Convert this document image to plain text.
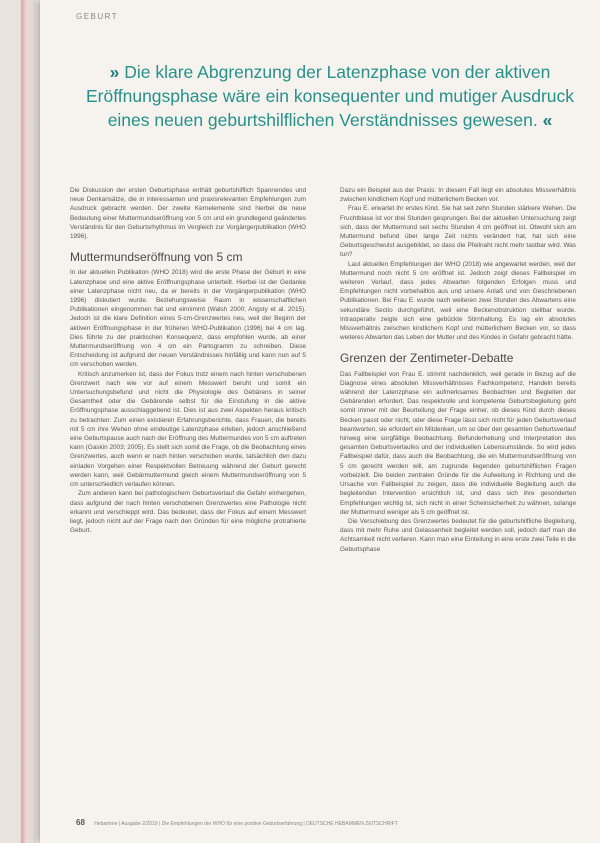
GEBURT
» Die klare Abgrenzung der Latenzphase von der aktiven Eröffnungsphase wäre ein konsequenter und mutiger Ausdruck eines neuen geburtshilflichen Verständnisses gewesen. «

Die Diskussion der ersten Geburtsphase enthält geburtshilflich Spannendes und neue Denkansätze, die in interessanten und praxisrelevanten Empfehlungen zum Ausdruck gebracht werden. Der zweite Kernelemente sind hierbei die neue Bedeutung einer Muttermundseröffnung von 5 cm und ein grundlegend geändertes Verständnis für den Geburtsrhythmus im Vergleich zur Vorgängerpublikation (WHO 1996).

Muttermundseröffnung von 5 cm

In der aktuellen Publikation (WHO 2018) wird die erste Phase der Geburt in eine Latenzphase und eine aktive Eröffnungsphase unterteilt. Hierbei ist der Gedanke einer Latenzphase nicht neu, da er bereits in der Vorgängerpublikation (WHO 1996) diskutiert wurde. Beziehungsweise Raum in wissenschaftlichen Publikationen eingenommen hat und einnimmt (Walsh 2000; Angsty et al. 2015). Jedoch ist die klare Definition eines 5-cm-Grenzwertes neu, weil der Beginn der aktiven Eröffnungsphase in der früheren WHO-Publikation (1996) bei 4 cm lag. Dies führte zu der praktischen Konsequenz, dass empfohlen wurde, ab einer Muttermundseröffnung von 4 cm ein Partogramm zu schreiben. Diese Entscheidung ist aufgrund der neuen Verständnisses hinfällig und kann nun auf 5 cm verschoben werden.

Kritisch anzumerken ist, dass der Fokus trotz einem nach hinten verschobenen Grenzwert nach wie vor auf einem Messwert beruht und somit ein Untersuchungsbefund und nicht die Physiologie des Gebärens in seiner Gesamtheit oder die Gebärende selbst für die Einstufung in die aktive Eröffnungsphase ausschlaggebend ist. Dies ist aus zwei Aspekten heraus kritisch zu betrachten: Zum einen existieren Erfahrungsberichte, dass Frauen, die bereits mit 5 cm ihre Wehen ohne eindeutige Latenzphase erleben, jedoch anschließend eine Geburtspause auch nach der Eröffnung des Muttermundes von 5 cm auftreten kann (Gaskin 2003; 2005). Es stellt sich somit die Frage, ob die Beobachtung eines Grenzwertes, auch wenn er nach hinten verschoben wurde, tatsächlich den dazu einladen Vorgehen einer Respektvollen Betreuung während der Geburt gerecht werden kann, weil Gebärmuttermund gleich einem Muttermundseröffnung von 5 cm unterschiedlich verlaufen können.

Zum anderen kann bei pathologischem Geburtsverlauf die Gefahr einhergehen, dass aufgrund der nach hinten verschobenen Grenzwertes eine Pathologie nicht erkannt und verschleppt wird. Das bedeutet, dass der Fokus auf einem Messwert liegt, jedoch nicht auf der Frage nach den Gründen für eine mögliche protrahierte Geburt.

Dazu ein Beispiel aus der Praxis: In diesem Fall liegt ein absolutes Missverhältnis zwischen kindlichem Kopf und mütterlichem Becken vor.

Frau E. erwartet ihr erstes Kind. Sie hat seit zehn Stunden stärkere Wehen. Die Fruchtblase ist vor drei Stunden gesprungen. Bei der aktuellen Untersuchung zeigt sich, dass der Muttermund seit sechs Stunden 4 cm geöffnet ist. Obwohl sich am Muttermund befund über lange Zeit nichts verändert hat, hat sich eine Geburtsgeschwulst ausgebildet, so dass die Pfeilnaht nicht mehr tastbar wird. Was tun?

Laut aktuellen Empfehlungen der WHO (2018) wie angewartet werden, weil der Muttermund noch nicht 5 cm eröffnet ist. Jedoch zeigt dieses Fallbeispiel im weiteren Verlauf, dass jedes Abwarten folgenden Erfolgen muss und Empfehlungen nicht vorbehaltlos aus und unsere Anlaß und von Geschriebenen Publikationen. Bei Frau E. wurde nach weiteren zwei Stunden des Abwartens eine sekundäre Sectio durchgeführt, weil eine Beckenobstruktion stellbar wurde. Intraoperativ zeigte sich eine gebückte Stirnhaltung. Es lag ein absolutes Missverhältnis zwischen kindlichem Kopf und mütterlichem Becken vor, so dass weiteres Abwarten das Leben der Mutter und des Kindes in Gefahr gebracht hätte.

Grenzen der Zentimeter-Debatte

Das Fallbeispiel von Frau E. stimmt nachdenklich, weil gerade in Bezug auf die Diagnose eines absoluten Missverhältnisses Fachkompetenz, Handeln bereits während der Latenzphase ein aufmerksames Beobachten und Begleiten der Gebärenden erfordert. Das respektvolle und kompetente Geburtsbegleitung geht somit immer mit der Beurteilung der Frage einher, ob dieses Kind durch dieses Becken passt oder nicht, oder diese Frage lässt sich nicht für jeden Geburtsverlauf beantworten, sie erfordert ein Mitdenken, um so über den gesamten Geburtsverlauf hinweg eine sorgfältige Beobachtung. Befunderhebung und Interpretation des gesamten Geburtsverlaufes und der individuellen Lebensumstände. So wird jedes Fallbeispiel dafür, dass auch die Beobachtung, die ein Muttermundseröffnung von 5 cm gerecht werden will, am zugrunde liegenden geburtshilflichen Fragen vorbeizielt. Die beiden zentralen Gründe für die Aufweitung in Richtung und die Ursache von Fallbeispiel zu zeigen, dass die individuelle Begleitung auch die begleitenden Intervention ersichtlich ist, und dass sich ihre gesonderten Empfehlungen wichtig ist, sich nicht in einer Scheinsicherheit zu wähnen, solange der Muttermund weniger als 5 cm geöffnet ist.

Die Verschiebung des Grenzwertes bedeutet für die geburtshilfliche Begleitung, dass mit mehr Ruhe und Gelassenheit begleitet werden soll, jedoch darf man die Achtsamkeit nicht verlieren. Kann man eine Einteilung in eine erste zwei Teile in die Geburtsphase

68 Hebamme | Ausgabe 2/2019 | Die Empfehlungen der WHO für eine positive Geburtserfahrung | DEUTSCHE HEBAMMEN ZEITSCHRIFT
